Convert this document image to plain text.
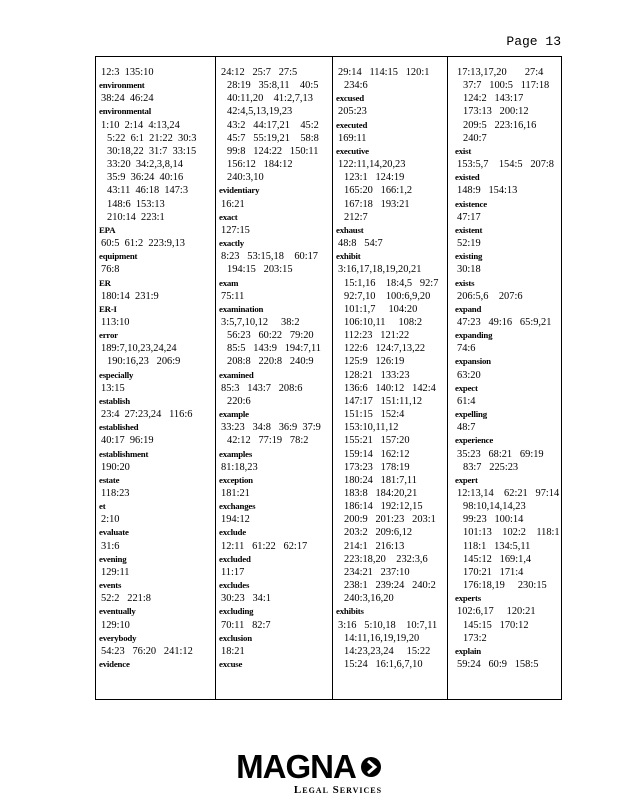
Page 13
12:3  135:10
environment
38:24  46:24
environmental
1:10  2:14  4:13,24
5:22  6:1  21:22  30:3
30:18,22  31:7  33:15
33:20  34:2,3,8,14
35:9  36:24  40:16
43:11  46:18  147:3
148:6  153:13
210:14  223:1
EPA
60:5  61:2  223:9,13
equipment
76:8
ER
180:14  231:9
ER-I
113:10
error
189:7,10,23,24,24
190:16,23   206:9
especially
13:15
establish
23:4  27:23,24   116:6
established
40:17  96:19
establishment
190:20
estate
118:23
et
2:10
evaluate
31:6
evening
129:11
events
52:2   221:8
eventually
129:10
everybody
54:23   76:20   241:12
evidence
24:12   25:7   27:5
28:19   35:8,11    40:5
40:11,20    41:2,7,13
42:4,5,13,19,23
43:2   44:17,21    45:2
45:7   55:19,21    58:8
99:8   124:22   150:11
156:12   184:12
240:3,10
evidentiary
16:21
exact
127:15
exactly
8:23   53:15,18    60:17
194:15   203:15
exam
75:11
examination
3:5,7,10,12     38:2
56:23   60:22   79:20
85:5   143:9   194:7,11
208:8   220:8   240:9
examined
85:3   143:7   208:6
220:6
example
33:23   34:8   36:9  37:9
42:12   77:19   78:2
examples
81:18,23
exception
181:21
exchanges
194:12
exclude
12:11   61:22   62:17
excluded
11:17
excludes
30:23   34:1
excluding
70:11   82:7
exclusion
18:21
excuse
29:14   114:15   120:1
234:6
excused
205:23
executed
169:11
executive
122:11,14,20,23
123:1   124:19
165:20   166:1,2
167:18   193:21
212:7
exhaust
48:8   54:7
exhibit
3:16,17,18,19,20,21
15:1,16    18:4,5   92:7
92:7,10    100:6,9,20
101:1,7     104:20
106:10,11     108:2
112:23   121:22
122:6   124:7,13,22
125:9   126:19
128:21   133:23
136:6   140:12   142:4
147:17   151:11,12
151:15   152:4
153:10,11,12
155:21   157:20
159:14   162:12
173:23   178:19
180:24   181:7,11
183:8   184:20,21
186:14   192:12,15
200:9   201:23   203:1
203:2   209:6,12
214:1   216:13
223:18,20    232:3,6
234:21   237:10
238:1   239:24   240:2
240:3,16,20
exhibits
3:16   5:10,18    10:7,11
14:11,16,19,19,20
14:23,23,24     15:22
15:24   16:1,6,7,10
17:13,17,20       27:4
37:7   100:5   117:18
124:2   143:17
173:13   200:12
209:5   223:16,16
240:7
exist
153:5,7    154:5   207:8
existed
148:9   154:13
existence
47:17
existent
52:19
existing
30:18
exists
206:5,6    207:6
expand
47:23   49:16   65:9,21
expanding
74:6
expansion
63:20
expect
61:4
expelling
48:7
experience
35:23   68:21   69:19
83:7   225:23
expert
12:13,14    62:21   97:14
98:10,14,14,23
99:23   100:14
101:13    102:2    118:1
118:1   134:5,11
145:12   169:1,4
170:21   171:4
176:18,19     230:15
experts
102:6,17     120:21
145:15   170:12
173:2
explain
59:24   60:9   158:5
MAGNA
Legal Services
